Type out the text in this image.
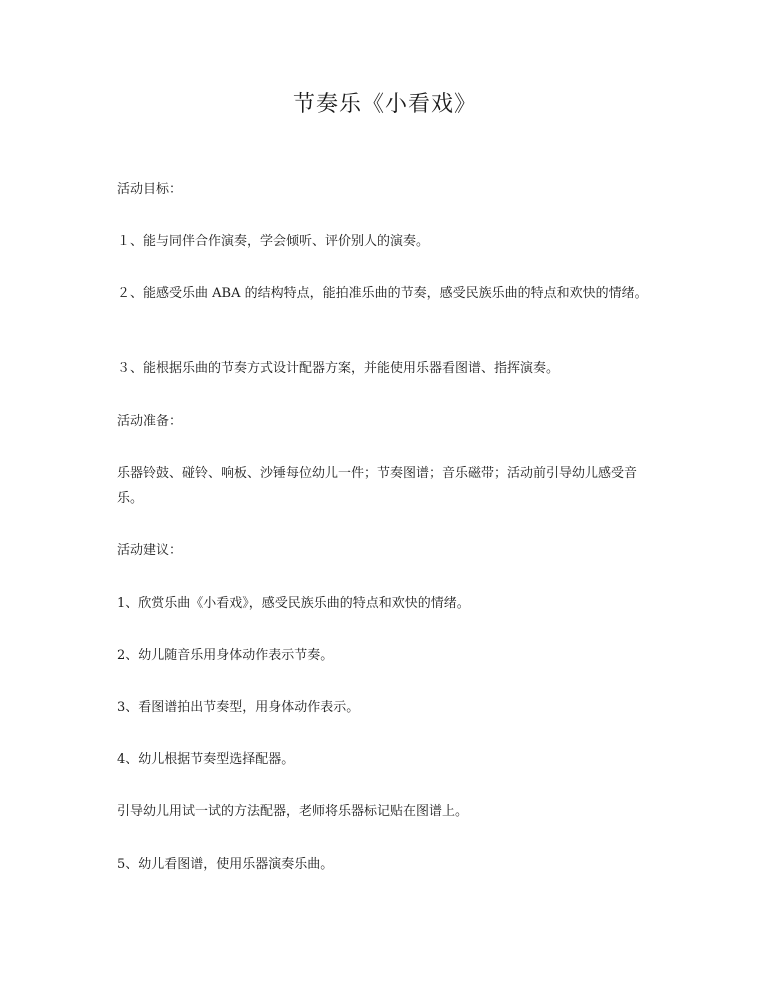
节奏乐《小看戏》

活动目标：

１、能与同伴合作演奏，学会倾听、评价别人的演奏。

２、能感受乐曲 ABA 的结构特点，能拍准乐曲的节奏，感受民族乐曲的特点和欢快的情绪。

３、能根据乐曲的节奏方式设计配器方案，并能使用乐器看图谱、指挥演奏。

活动准备：

乐器铃鼓、碰铃、响板、沙锤每位幼儿一件；节奏图谱；音乐磁带；活动前引导幼儿感受音乐。

活动建议：

1、欣赏乐曲《小看戏》，感受民族乐曲的特点和欢快的情绪。

2、幼儿随音乐用身体动作表示节奏。

3、看图谱拍出节奏型，用身体动作表示。

4、幼儿根据节奏型选择配器。

引导幼儿用试一试的方法配器，老师将乐器标记贴在图谱上。

5、幼儿看图谱，使用乐器演奏乐曲。
